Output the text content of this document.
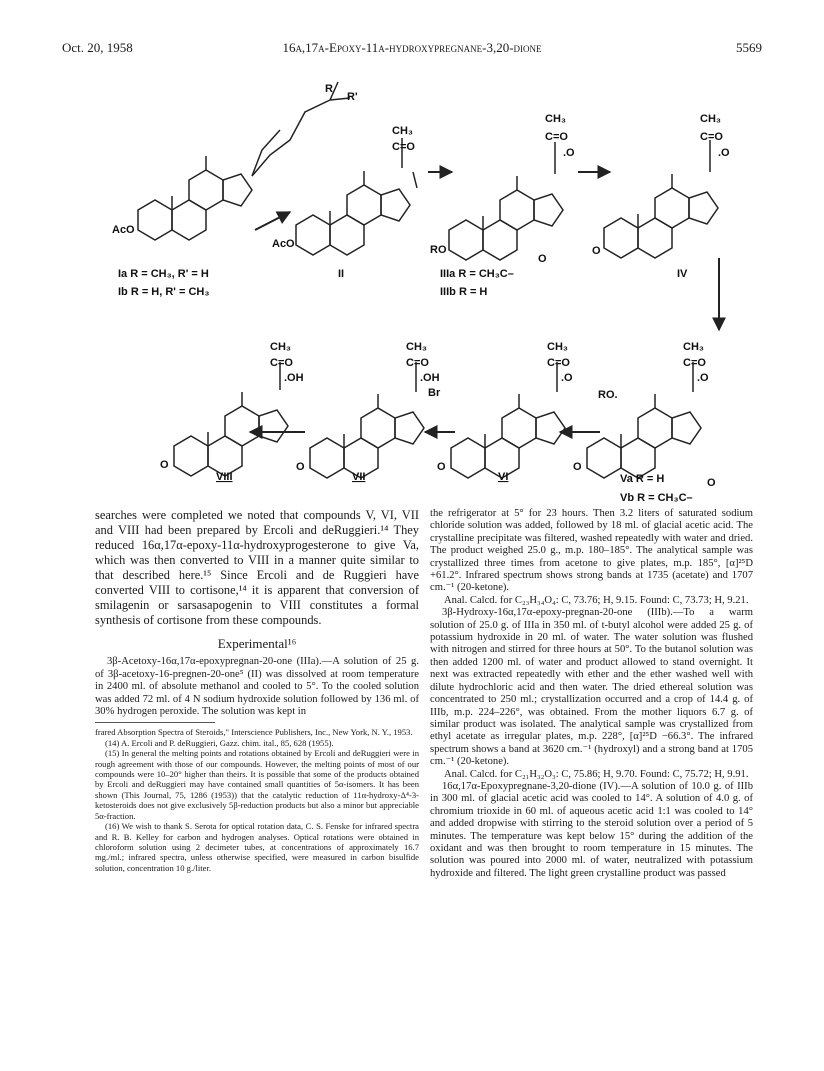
Oct. 20, 1958	16α,17α-Epoxy-11α-hydroxypregnane-3,20-dione	5569
AcO
AcO	RO	O
R
R'
CH₃
C=O
CH₃
C=O
.O
CH₃
C=O
.O
CH₃
C=O
.OH
O
CH₃
C=O
.OH
Br
O
CH₃
C=O
.O
O
CH₃
C=O
.O
RO.
O
Ia R = CH₃, R' = H
Ib R = H, R' = CH₃
II	IIIa R = CH₃C–
O
IIIb R = H
IV
VIII	VII	VI	Va R = H
Vb R = CH₃C–
O

searches were completed we noted that compounds V, VI, VII and VIII had been prepared by Ercoli and deRuggieri.¹⁴ They reduced 16α,17α-epoxy-11α-hydroxyprogesterone to give Va, which was then converted to VIII in a manner quite similar to that described here.¹⁵ Since Ercoli and de Ruggieri have converted VIII to cortisone,¹⁴ it is apparent that conversion of smilagenin or sarsasapogenin to VIII constitutes a formal synthesis of cortisone from these compounds.

Experimental¹⁶

3β-Acetoxy-16α,17α-epoxypregnan-20-one (IIIa).—A solution of 25 g. of 3β-acetoxy-16-pregnen-20-one⁵ (II) was dissolved at room temperature in 2400 ml. of absolute methanol and cooled to 5°. To the cooled solution was added 72 ml. of 4 N sodium hydroxide solution followed by 136 ml. of 30% hydrogen peroxide. The solution was kept in

frared Absorption Spectra of Steroids," Interscience Publishers, Inc., New York, N. Y., 1953.

(14) A. Ercoli and P. deRuggieri, Gazz. chim. ital., 85, 628 (1955).

(15) In general the melting points and rotations obtained by Ercoli and deRuggieri were in rough agreement with those of our compounds. However, the melting points of most of our compounds were 10–20° higher than theirs. It is possible that some of the products obtained by Ercoli and deRuggieri may have contained small quantities of 5α-isomers. It has been shown (This Journal, 75, 1286 (1953)) that the catalytic reduction of 11α-hydroxy-Δ⁴-3-ketosteroids does not give exclusively 5β-reduction products but also a minor but appreciable 5α-fraction.

(16) We wish to thank S. Serota for optical rotation data, C. S. Fenske for infrared spectra and R. B. Kelley for carbon and hydrogen analyses. Optical rotations were obtained in chloroform solution using 2 decimeter tubes, at concentrations of approximately 16.7 mg./ml.; infrared spectra, unless otherwise specified, were measured in carbon bisulfide solution, concentration 10 g./liter.

the refrigerator at 5° for 23 hours. Then 3.2 liters of saturated sodium chloride solution was added, followed by 18 ml. of glacial acetic acid. The crystalline precipitate was filtered, washed repeatedly with water and dried. The product weighed 25.0 g., m.p. 180–185°. The analytical sample was crystallized three times from acetone to give plates, m.p. 185°, [α]²⁵D +61.2°. Infrared spectrum shows strong bands at 1735 (acetate) and 1707 cm.⁻¹ (20-ketone).

Anal. Calcd. for C₂₃H₃₄O₄: C, 73.76; H, 9.15. Found: C, 73.73; H, 9.21.

3β-Hydroxy-16α,17α-epoxy-pregnan-20-one (IIIb).—To a warm solution of 25.0 g. of IIIa in 350 ml. of t-butyl alcohol were added 25 g. of potassium hydroxide in 20 ml. of water. The water solution was flushed with nitrogen and stirred for three hours at 50°. To the butanol solution was then added 1200 ml. of water and product allowed to stand overnight. It next was extracted repeatedly with ether and the ether washed well with dilute hydrochloric acid and then water. The dried ethereal solution was concentrated to 250 ml.; crystallization occurred and a crop of 14.4 g. of IIIb, m.p. 224–226°, was obtained. From the mother liquors 6.7 g. of similar product was isolated. The analytical sample was crystallized from ethyl acetate as irregular plates, m.p. 228°, [α]²⁵D −66.3°. The infrared spectrum shows a band at 3620 cm.⁻¹ (hydroxyl) and a strong band at 1705 cm.⁻¹ (20-ketone).

Anal. Calcd. for C₂₁H₃₂O₃: C, 75.86; H, 9.70. Found: C, 75.72; H, 9.91.

16α,17α-Epoxypregnane-3,20-dione (IV).—A solution of 10.0 g. of IIIb in 300 ml. of glacial acetic acid was cooled to 14°. A solution of 4.0 g. of chromium trioxide in 60 ml. of aqueous acetic acid 1:1 was cooled to 14° and added dropwise with stirring to the steroid solution over a period of 5 minutes. The temperature was kept below 15° during the addition of the oxidant and was then brought to room temperature in 15 minutes. The solution was poured into 2000 ml. of water, neutralized with potassium hydroxide and filtered. The light green crystalline product was passed
